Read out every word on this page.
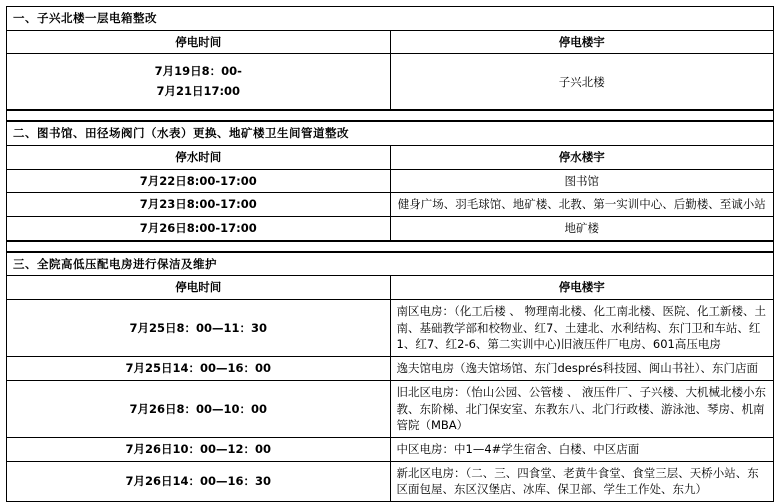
一、子兴北楼一层电箱整改	
停电时间	停电楼宇

7月19日8：00-
7月21日17:00	子兴北楼
二、图书馆、田径场阀门（水表）更换、地矿楼卫生间管道整改	
停水时间	停水楼宇
7月22日8:00-17:00	图书馆
7月23日8:00-17:00	健身广场、羽毛球馆、地矿楼、北教、第一实训中心、后勤楼、至诚小站
7月26日8:00-17:00	地矿楼
三、全院高低压配电房进行保洁及维护	
停电时间	停电楼宇
7月25日8：00—11：30	南区电房：（化工后楼 、 物理南北楼、化工南北楼、医院、化工新楼、土南、基础教学部和校物业、红7、土建北、水利结构、东门卫和车站、红1、红7、红2-6、第二实训中心)旧液压件厂电房、601高压电房
7月25日14：00—16：00	逸夫馆电房（逸夫馆场馆、东门després科技园、闽山书社）、东门店面
7月26日8：00—10：00	旧北区电房：（怡山公园、公管楼 、 液压件厂、子兴楼、大机械北楼小东教、东阶梯、北门保安室、东教东八、北门行政楼、游泳池、琴房、机南管院（MBA）
7月26日10：00—12：00	中区电房：中1—4#学生宿舍、白楼、中区店面
7月26日14：00—16：30	新北区电房：（二、三、四食堂、老黄牛食堂、食堂三层、天桥小站、东区面包屋、东区汉堡店、冰库、保卫部、学生工作处、东九）
